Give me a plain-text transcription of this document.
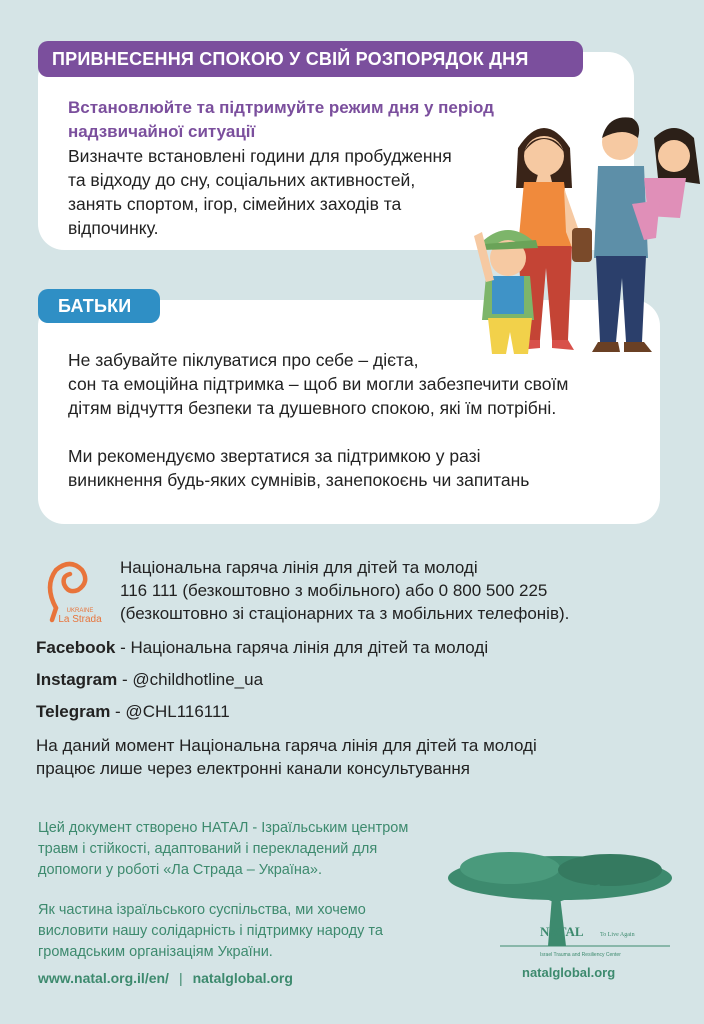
ПРИВНЕСЕННЯ СПОКОЮ У СВІЙ РОЗПОРЯДОК ДНЯ
Встановлюйте та підтримуйте режим дня у період
надзвичайної ситуації
Визначте встановлені години для пробудження
та відходу до сну, соціальних активностей,
занять спортом, ігор, сімейних заходів та
відпочинку.
БАТЬКИ
Не забувайте піклуватися про себе – дієта,
сон та емоційна підтримка – щоб ви могли забезпечити своїм
дітям відчуття безпеки та душевного спокою, які їм потрібні.
Ми рекомендуємо звертатися за підтримкою у разі
виникнення будь-яких сумнівів, занепокоєнь чи запитань
UKRAINE
La Strada
Національна гаряча лінія для дітей та молоді
116 111 (безкоштовно з мобільного) або 0 800 500 225
(безкоштовно зі стаціонарних та з мобільних телефонів).
Facebook - Національна гаряча лінія для дітей та молоді
Instagram - @childhotline_ua
Telegram - @CHL116111
На даний момент Національна гаряча лінія для дітей та молоді
працює лише через електронні канали консультування
Цей документ створено НАТАЛ - Ізраїльським центром
травм і стійкості, адаптований і перекладений для
допомоги у роботі «Ла Страда – Україна».
Як частина ізраїльського суспільства, ми хочемо
висловити нашу солідарність і підтримку народу та
громадським організаціям України.
www.natal.org.il/en/ | natalglobal.org
NATAL	To Live Again
Israel Trauma and Resiliency Center
natalglobal.org
